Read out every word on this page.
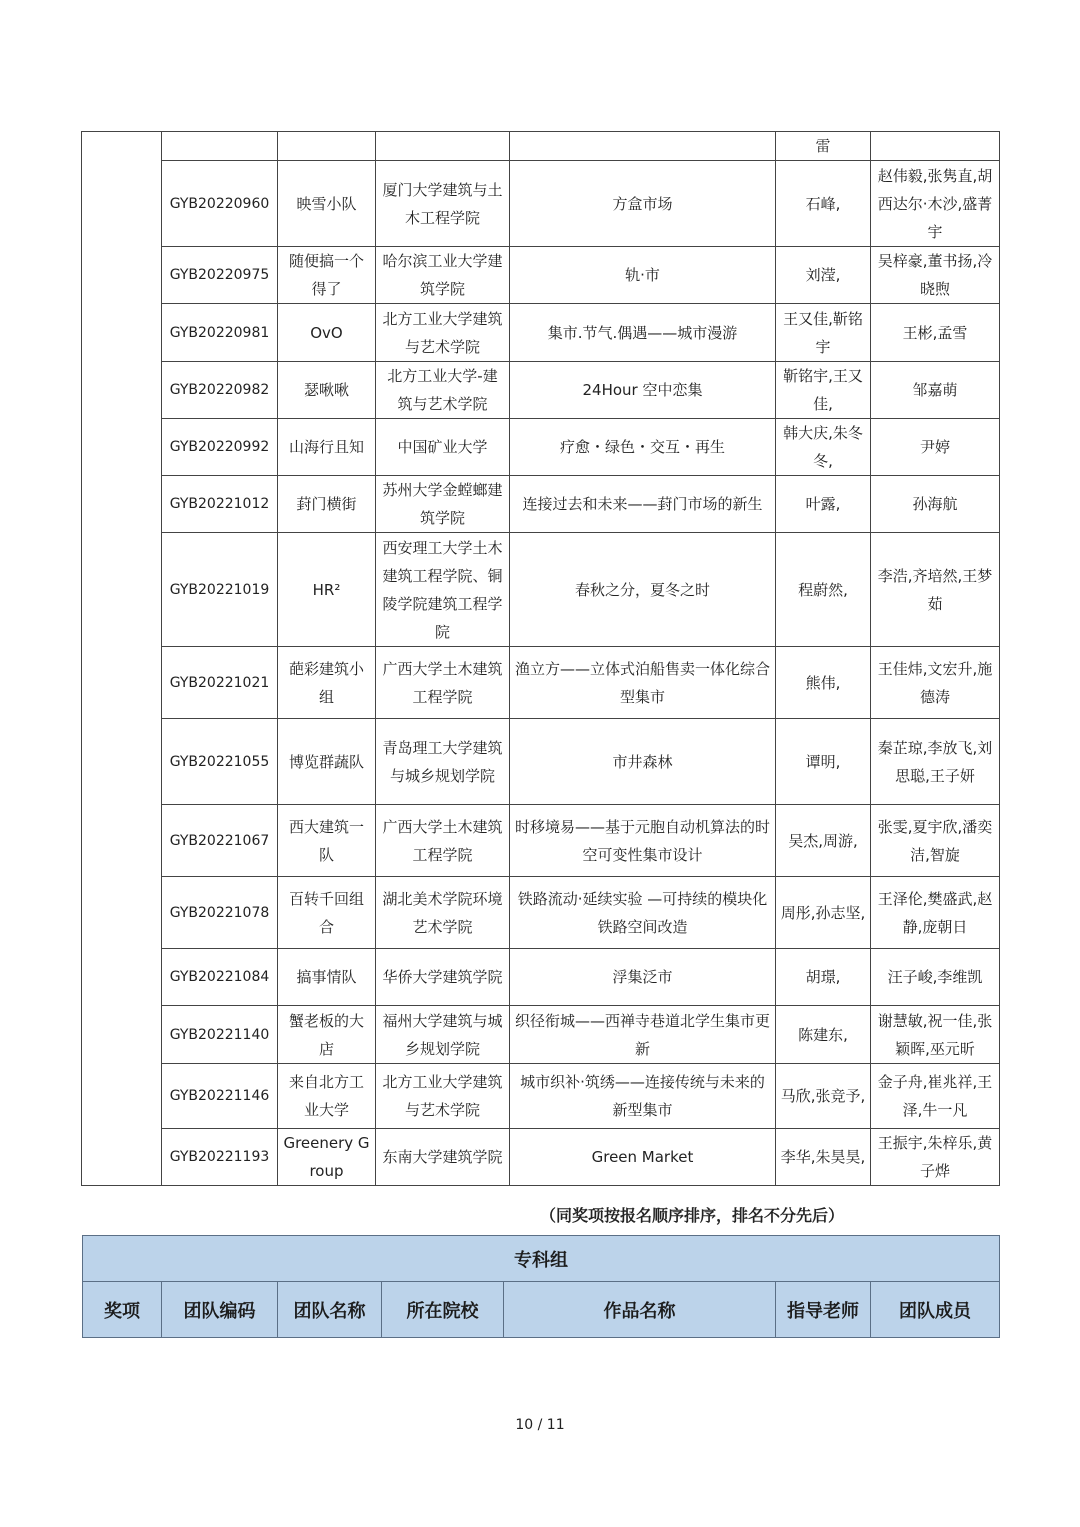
					雷	
	GYB20220960	映雪小队	厦门大学建筑与土木工程学院	方盒市场	石峰,	赵伟毅,张隽直,胡西达尔·木沙,盛菁宇
	GYB20220975	随便搞一个得了	哈尔滨工业大学建筑学院	轨·市	刘滢,	吴梓豪,董书扬,冷晓煦
	GYB20220981	OvO	北方工业大学建筑与艺术学院	集市.节气.偶遇——城市漫游	王又佳,靳铭宇	王彬,孟雪
	GYB20220982	瑟啾啾	北方工业大学-建筑与艺术学院	24Hour 空中恋集	靳铭宇,王又佳,	邹嘉萌
	GYB20220992	山海行且知	中国矿业大学	疗愈・绿色・交互・再生	韩大庆,朱冬冬,	尹婷
	GYB20221012	葑门横街	苏州大学金螳螂建筑学院	连接过去和未来——葑门市场的新生	叶露,	孙海航
	GYB20221019	HR²	西安理工大学土木建筑工程学院、铜陵学院建筑工程学院	春秋之分，夏冬之时	程蔚然,	李浩,齐培然,王梦茹
	GYB20221021	葩彩建筑小组	广西大学土木建筑工程学院	渔立方——立体式泊船售卖一体化综合型集市	熊伟,	王佳炜,文宏升,施德涛
	GYB20221055	博览群蔬队	青岛理工大学建筑与城乡规划学院	市井森林	谭明,	秦芷琼,李放飞,刘思聪,王子妍
	GYB20221067	西大建筑一队	广西大学土木建筑工程学院	时移境易——基于元胞自动机算法的时空可变性集市设计	吴杰,周游,	张雯,夏宇欣,潘奕洁,智旋
	GYB20221078	百转千回组合	湖北美术学院环境艺术学院	铁路流动·延续实验 —可持续的模块化铁路空间改造	周彤,孙志坚,	王泽伦,樊盛武,赵静,庞朝日
	GYB20221084	搞事情队	华侨大学建筑学院	浮集泛市	胡璟,	汪子峻,李维凯
	GYB20221140	蟹老板的大店	福州大学建筑与城乡规划学院	织径衔城——西禅寺巷道北学生集市更新	陈建东,	谢慧敏,祝一佳,张颖晖,巫元昕
	GYB20221146	来自北方工业大学	北方工业大学建筑与艺术学院	城市织补·筑绣——连接传统与未来的新型集市	马欣,张竞予,	金子舟,崔兆祥,王泽,牛一凡
	GYB20221193	Greenery Group	东南大学建筑学院	Green Market	李华,朱昊昊,	王振宇,朱梓乐,黄子烨
（同奖项按报名顺序排序，排名不分先后）
专科组
奖项	团队编码	团队名称	所在院校	作品名称	指导老师	团队成员
10 / 11
